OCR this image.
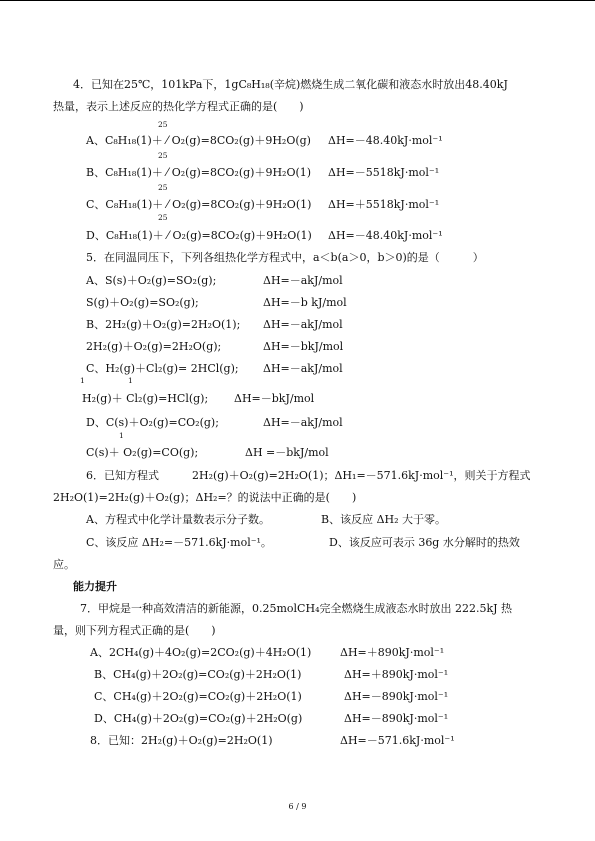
4．已知在25℃，101kPa下，1gC₈H₁₈(辛烷)燃烧生成二氧化碳和液态水时放出48.40kJ
热量，表示上述反应的热化学方程式正确的是(　　)
A、C₈H₁₈(1)＋ ⁄ O₂(g)=8CO₂(g)＋9H₂O(g) ΔH=－48.40kJ·mol⁻¹
25
B、C₈H₁₈(1)＋ ⁄ O₂(g)=8CO₂(g)＋9H₂O(1) ΔH=－5518kJ·mol⁻¹
25
C、C₈H₁₈(1)＋ ⁄ O₂(g)=8CO₂(g)＋9H₂O(1) ΔH=＋5518kJ·mol⁻¹
25
D、C₈H₁₈(1)＋ ⁄ O₂(g)=8CO₂(g)＋9H₂O(1) ΔH=－48.40kJ·mol⁻¹
25
5．在同温同压下，下列各组热化学方程式中，a＜b(a＞0，b＞0)的是（　　　）
A、S(s)＋O₂(g)=SO₂(g);	ΔH=－akJ/mol
S(g)＋O₂(g)=SO₂(g);	ΔH=－b kJ/mol
B、2H₂(g)＋O₂(g)=2H₂O(1); ΔH=－akJ/mol
2H₂(g)＋O₂(g)=2H₂O(g);	ΔH=－bkJ/mol
C、H₂(g)＋Cl₂(g)= 2HCl(g); ΔH=－akJ/mol
1	1
H₂(g)＋ Cl₂(g)=HCl(g); ΔH=－bkJ/mol
D、C(s)＋O₂(g)=CO₂(g);	ΔH=－akJ/mol
1
C(s)＋ O₂(g)=CO(g);	ΔH =－bkJ/mol
6．已知方程式　　　2H₂(g)＋O₂(g)=2H₂O(1)；ΔH₁=－571.6kJ·mol⁻¹，则关于方程式
2H₂O(1)=2H₂(g)＋O₂(g)；ΔH₂=？的说法中正确的是(　　)
A、方程式中化学计量数表示分子数。	B、该反应 ΔH₂ 大于零。
C、该反应 ΔH₂=－571.6kJ·mol⁻¹。	D、该反应可表示 36g 水分解时的热效
应。
能力提升
7．甲烷是一种高效清洁的新能源，0.25molCH₄完全燃烧生成液态水时放出 222.5kJ 热
量，则下列方程式正确的是(　　)
A、2CH₄(g)＋4O₂(g)=2CO₂(g)＋4H₂O(1)	ΔH=＋890kJ·mol⁻¹
B、CH₄(g)＋2O₂(g)=CO₂(g)＋2H₂O(1)	ΔH=＋890kJ·mol⁻¹
C、CH₄(g)＋2O₂(g)=CO₂(g)＋2H₂O(1)	ΔH=－890kJ·mol⁻¹
D、CH₄(g)＋2O₂(g)=CO₂(g)＋2H₂O(g)	ΔH=－890kJ·mol⁻¹
8．已知：2H₂(g)＋O₂(g)=2H₂O(1)	ΔH=－571.6kJ·mol⁻¹
6 / 9
